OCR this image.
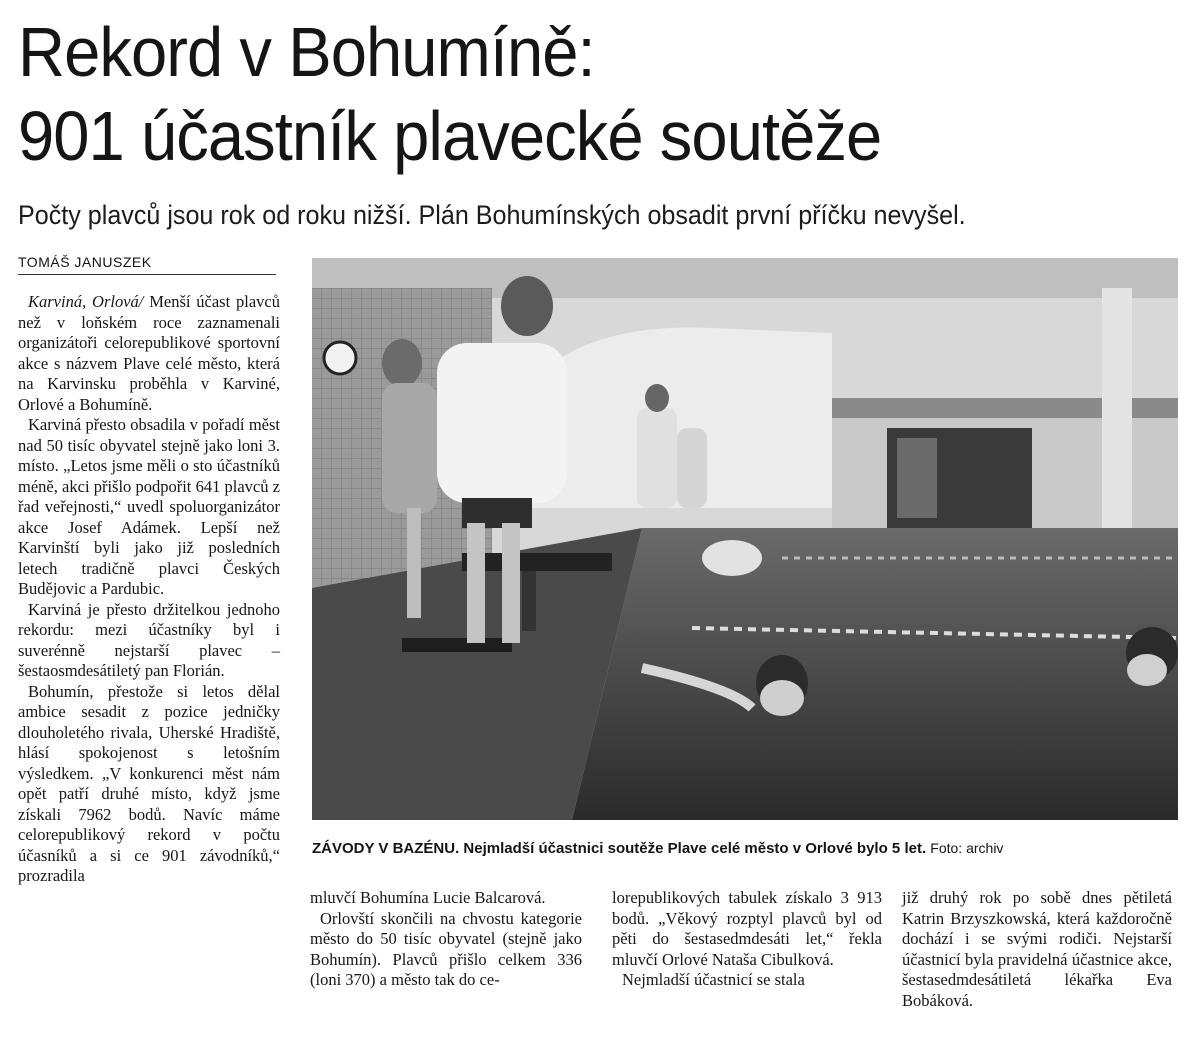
Rekord v Bohumíně:
901 účastník plavecké soutěže
Počty plavců jsou rok od roku nižší. Plán Bohumínských obsadit první příčku nevyšel.
TOMÁŠ JANUSZEK

Karviná, Orlová/ Menší účast plavců než v loňském roce zaznamenali organizátoři celorepublikové sportovní akce s názvem Plave celé město, která na Karvinsku proběhla v Karviné, Orlové a Bohumíně.

Karviná přesto obsadila v pořadí měst nad 50 tisíc obyvatel stejně jako loni 3. místo. „Letos jsme měli o sto účastníků méně, akci přišlo podpořit 641 plavců z řad veřejnosti,“ uvedl spoluorganizátor akce Josef Adámek. Lepší než Karvinští byli jako již posledních letech tradičně plavci Českých Budějovic a Pardubic.

Karviná je přesto držitelkou jednoho rekordu: mezi účastníky byl i suverénně nejstarší plavec – šestaosmdesátiletý pan Florián.

Bohumín, přestože si letos dělal ambice sesadit z pozice jedničky dlouholetého rivala, Uherské Hradiště, hlásí spokojenost s letošním výsledkem. „V konkurenci měst nám opět patří druhé místo, když jsme získali 7962 bodů. Navíc máme celorepublikový rekord v počtu účasníků a si ce 901 závodníků,“ prozradila

ZÁVODY V BAZÉNU. Nejmladší účastnici soutěže Plave celé město v Orlové bylo 5 let. Foto: archiv

mluvčí Bohumína Lucie Balcarová.

Orlovští skončili na chvostu kategorie město do 50 tisíc obyvatel (stejně jako Bohumín). Plavců přišlo celkem 336 (loni 370) a město tak do ce-

lorepublikových tabulek získalo 3 913 bodů. „Věkový rozptyl plavců byl od pěti do šestasedmdesáti let,“ řekla mluvčí Orlové Nataša Cibulková.

Nejmladší účastnicí se stala

již druhý rok po sobě dnes pětiletá Katrin Brzyszkowská, která každoročně dochází i se svými rodiči. Nejstarší účastnicí byla pravidelná účastnice akce, šestasedmdesátiletá lékařka Eva Bobáková.
